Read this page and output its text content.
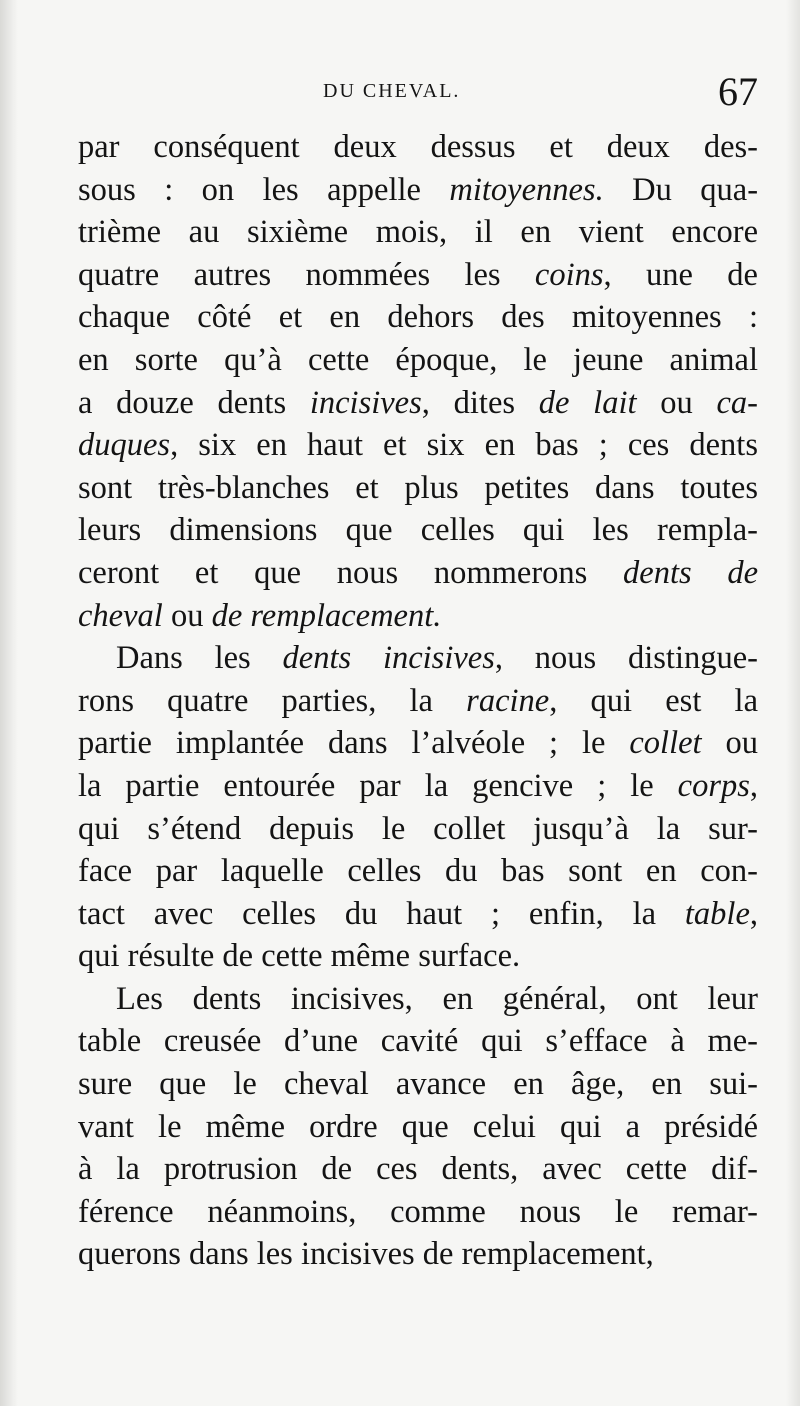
DU CHEVAL.	67
par conséquent deux dessus et deux des-
sous : on les appelle mitoyennes. Du qua-
trième au sixième mois, il en vient encore
quatre autres nommées les coins, une de
chaque côté et en dehors des mitoyennes :
en sorte qu’à cette époque, le jeune animal
a douze dents incisives, dites de lait ou ca-
duques, six en haut et six en bas ; ces dents
sont très-blanches et plus petites dans toutes
leurs dimensions que celles qui les rempla-
ceront et que nous nommerons dents de
cheval ou de remplacement.
Dans les dents incisives, nous distingue-
rons quatre parties, la racine, qui est la
partie implantée dans l’alvéole ; le collet ou
la partie entourée par la gencive ; le corps,
qui s’étend depuis le collet jusqu’à la sur-
face par laquelle celles du bas sont en con-
tact avec celles du haut ; enfin, la table,
qui résulte de cette même surface.
Les dents incisives, en général, ont leur
table creusée d’une cavité qui s’efface à me-
sure que le cheval avance en âge, en sui-
vant le même ordre que celui qui a présidé
à la protrusion de ces dents, avec cette dif-
férence néanmoins, comme nous le remar-
querons dans les incisives de remplacement,
